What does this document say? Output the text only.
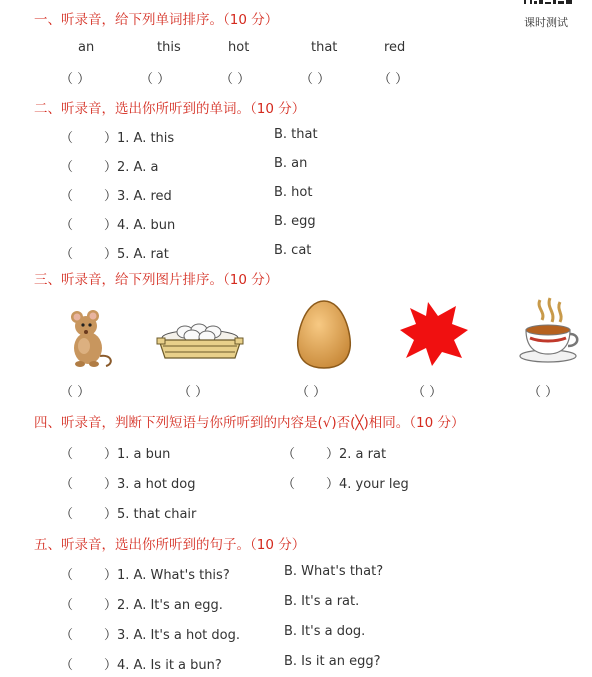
课时测试
一、听录音，给下列单词排序。（10 分）
an	this	hot	that	red
（ ）	（ ）	（ ）	（ ）	（ ）
二、听录音，选出你所听到的单词。（10 分）
（ ）1. A. this	B. that
（ ）2. A. a	B. an
（ ）3. A. red	B. hot
（ ）4. A. bun	B. egg
（ ）5. A. rat	B. cat
三、听录音，给下列图片排序。（10 分）
（ ）	（ ）	（ ）	（ ）	（ ）
四、听录音，判断下列短语与你所听到的内容是(√)否(╳)相同。（10 分）
（ ）1. a bun	（ ）2. a rat
（ ）3. a hot dog	（ ）4. your leg
（ ）5. that chair
五、听录音，选出你所听到的句子。（10 分）
（ ）1. A. What's this?	B. What's that?
（ ）2. A. It's an egg.	B. It's a rat.
（ ）3. A. It's a hot dog.	B. It's a dog.
（ ）4. A. Is it a bun?	B. Is it an egg?
